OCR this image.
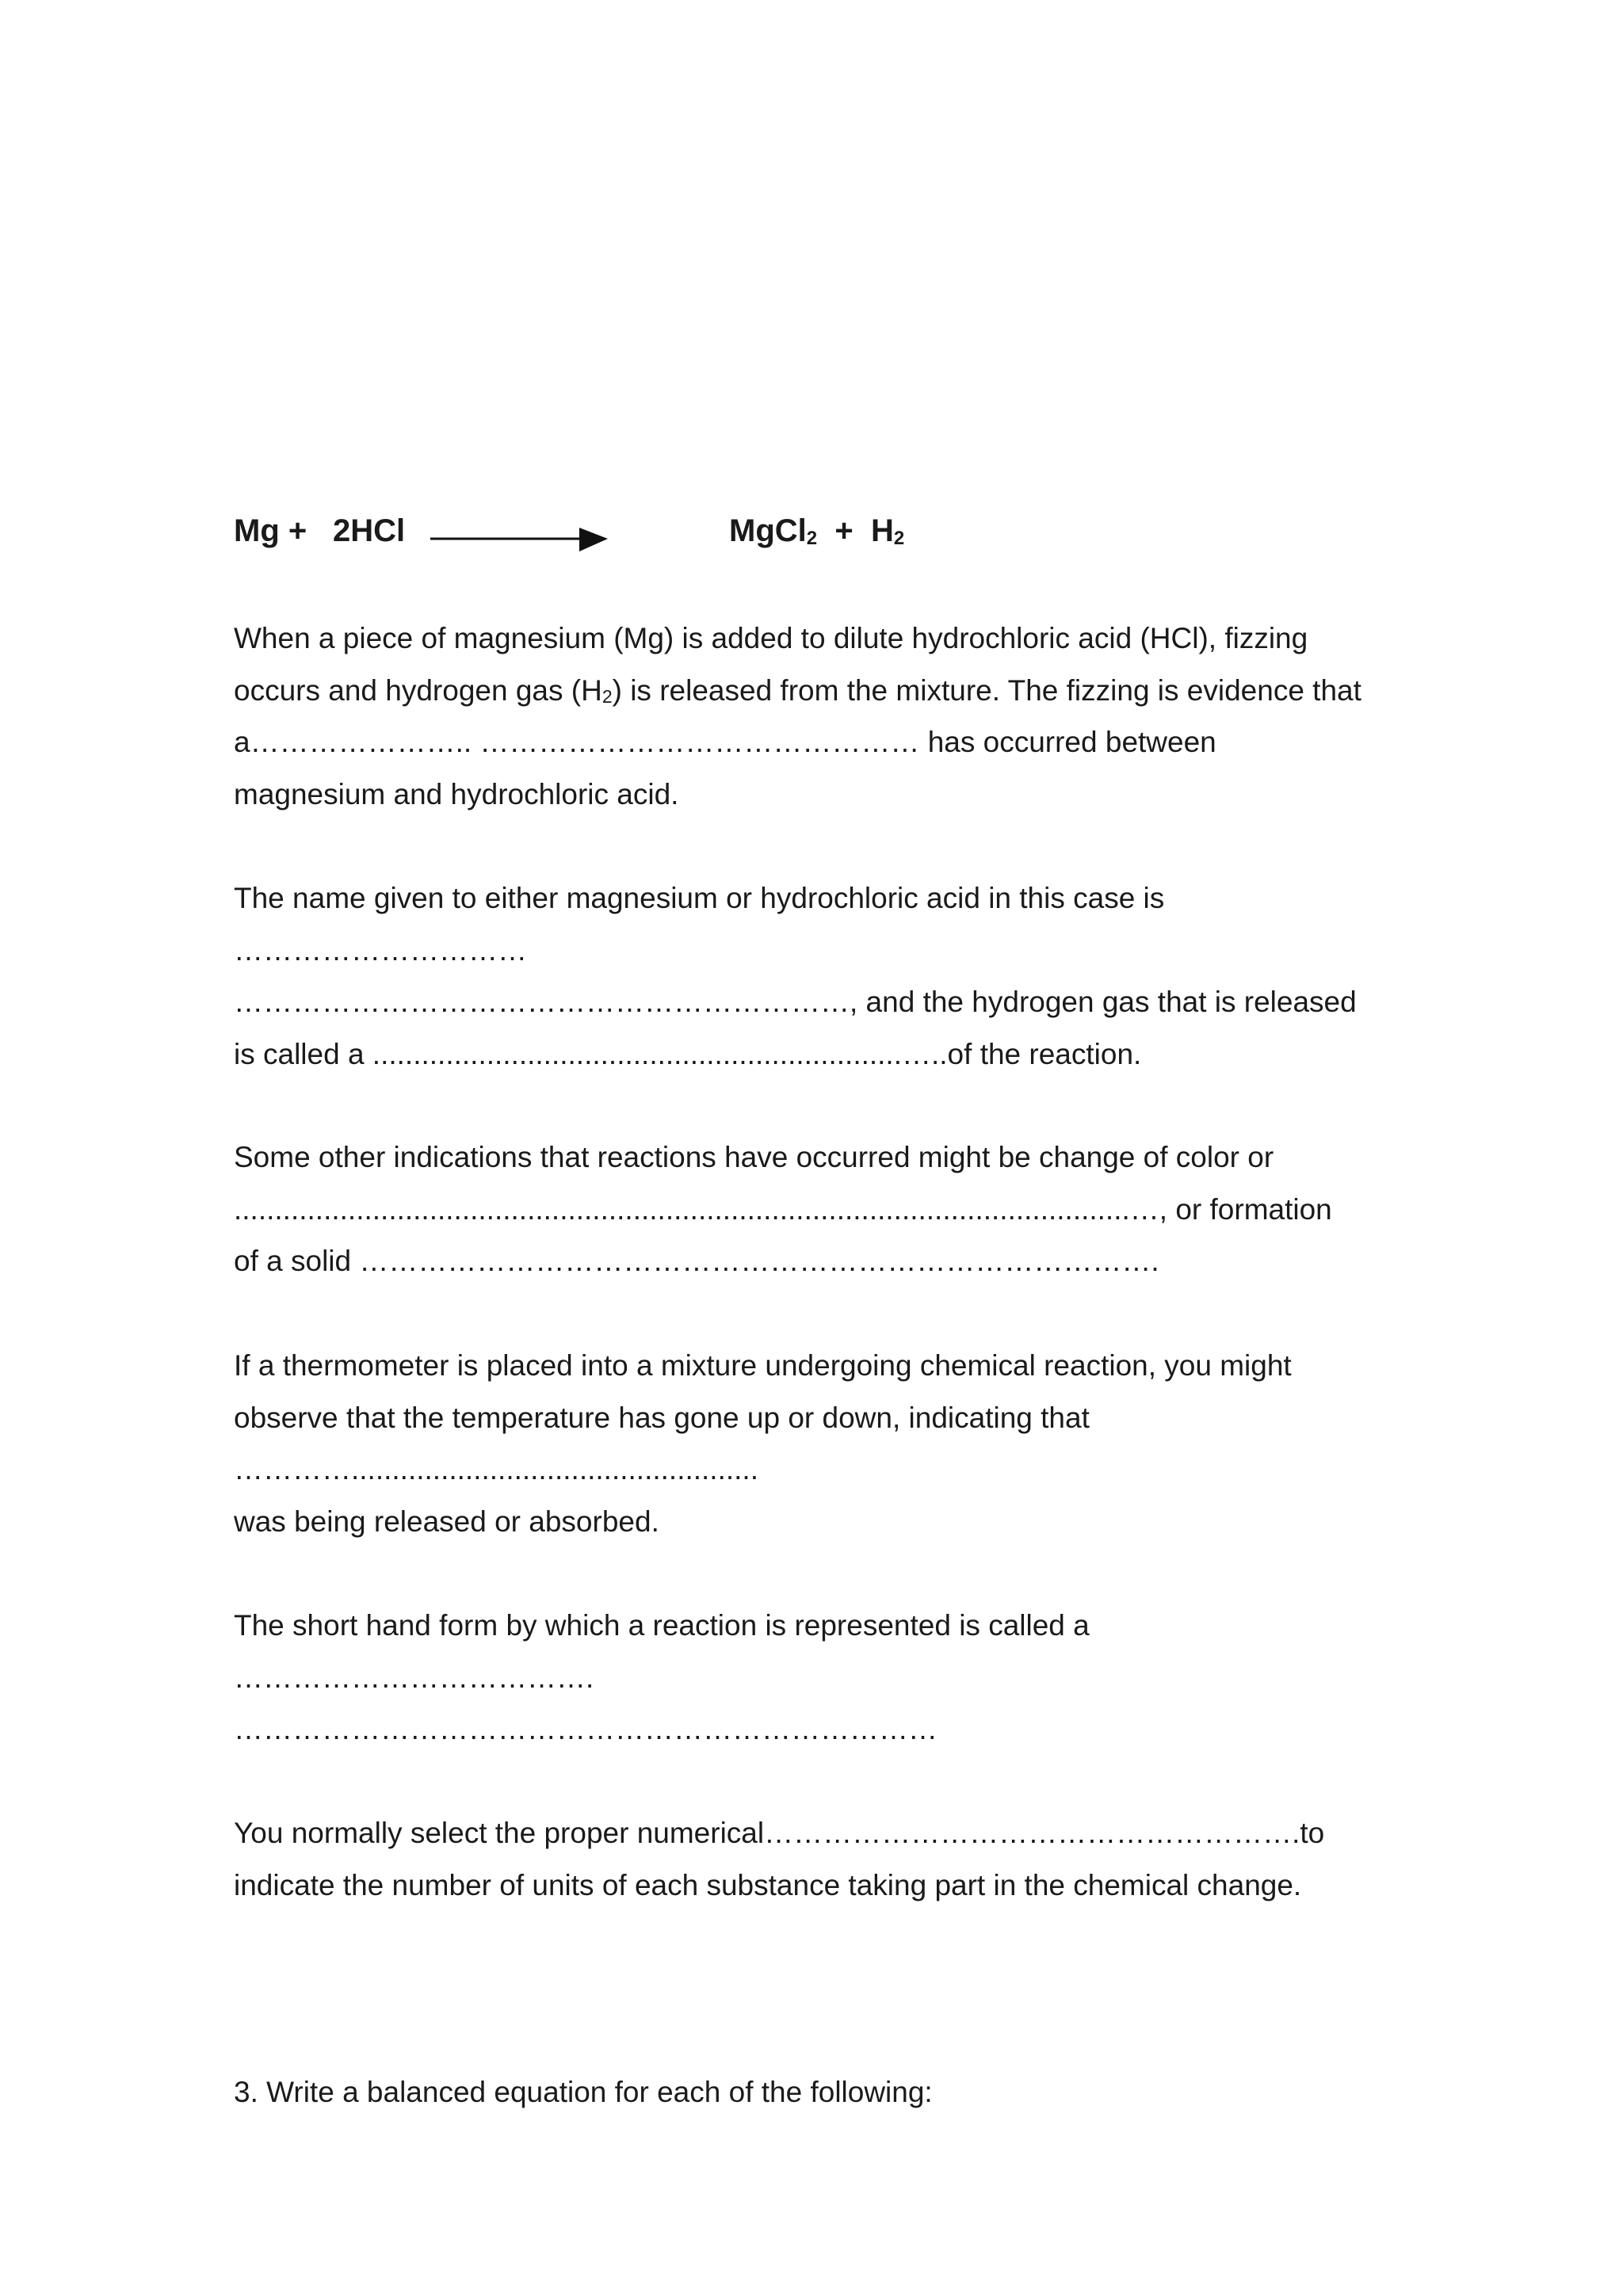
Mg + 2HCl	MgCl$_2$ + $H_2$
When a piece of magnesium (Mg) is added to dilute hydrochloric acid (HCl), fizzing
occurs and hydrogen gas $(H_2)$ is released from the mixture. The fizzing is evidence that
a………………….. ……………………………………… has occurred between
magnesium and hydrochloric acid.
The name given to either magnesium or hydrochloric acid in this case is
…………………………
………………………………………………………, and the hydrogen gas that is released
is called a .................................................................…..of the reaction.
Some other indications that reactions have occurred might be change of color or
..............................................................................................................…, or formation
of a solid ……………………………………………………………………….
If a thermometer is placed into a mixture undergoing chemical reaction, you might
observe that the temperature has gone up or down, indicating that
…………..................................................
was being released or absorbed.
The short hand form by which a reaction is represented is called a
……………………………….
………………………………………………………………
You normally select the proper numerical……………………………………………….to
indicate the number of units of each substance taking part in the chemical change.
3. Write a balanced equation for each of the following:
